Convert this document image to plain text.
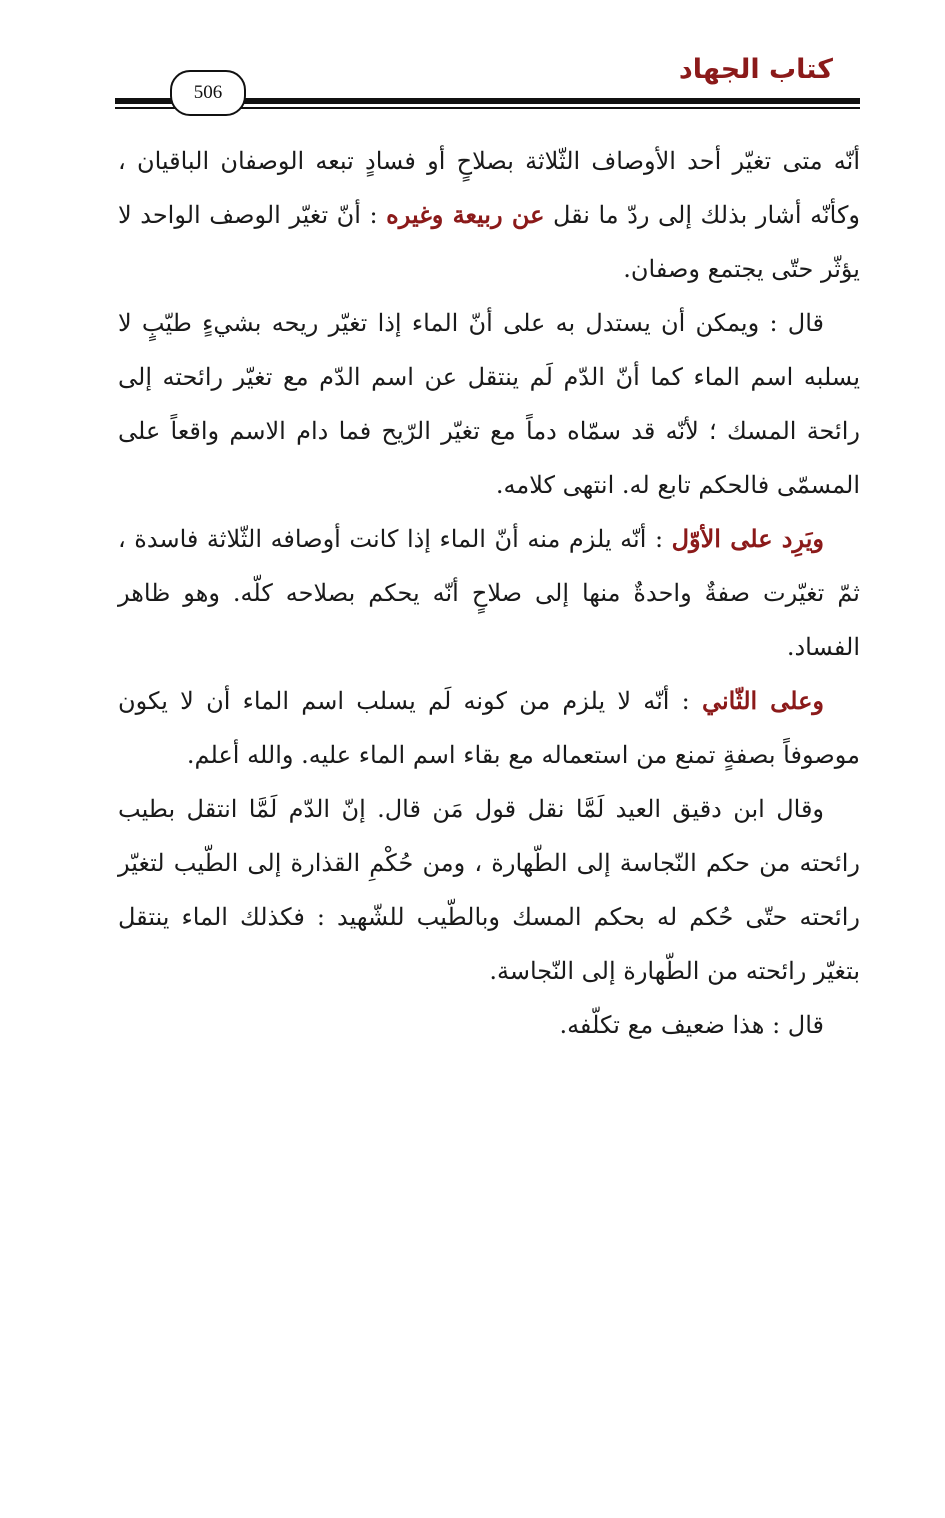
كتاب الجهاد
506

أنّه متى تغيّر أحد الأوصاف الثّلاثة بصلاحٍ أو فسادٍ تبعه الوصفان الباقيان ، وكأنّه أشار بذلك إلى ردّ ما نقل عن ربيعة وغيره : أنّ تغيّر الوصف الواحد لا يؤثّر حتّى يجتمع وصفان.

قال : ويمكن أن يستدل به على أنّ الماء إذا تغيّر ريحه بشيءٍ طيّبٍ لا يسلبه اسم الماء كما أنّ الدّم لَم ينتقل عن اسم الدّم مع تغيّر رائحته إلى رائحة المسك ؛ لأنّه قد سمّاه دماً مع تغيّر الرّيح فما دام الاسم واقعاً على المسمّى فالحكم تابع له. انتهى كلامه.

ويَرِد على الأوّل : أنّه يلزم منه أنّ الماء إذا كانت أوصافه الثّلاثة فاسدة ، ثمّ تغيّرت صفةٌ واحدةٌ منها إلى صلاحٍ أنّه يحكم بصلاحه كلّه. وهو ظاهر الفساد.

وعلى الثّاني : أنّه لا يلزم من كونه لَم يسلب اسم الماء أن لا يكون موصوفاً بصفةٍ تمنع من استعماله مع بقاء اسم الماء عليه. والله أعلم.

وقال ابن دقيق العيد لَمَّا نقل قول مَن قال. إنّ الدّم لَمَّا انتقل بطيب رائحته من حكم النّجاسة إلى الطّهارة ، ومن حُكْمِ القذارة إلى الطّيب لتغيّر رائحته حتّى حُكم له بحكم المسك وبالطّيب للشّهيد : فكذلك الماء ينتقل بتغيّر رائحته من الطّهارة إلى النّجاسة.

قال : هذا ضعيف مع تكلّفه.
